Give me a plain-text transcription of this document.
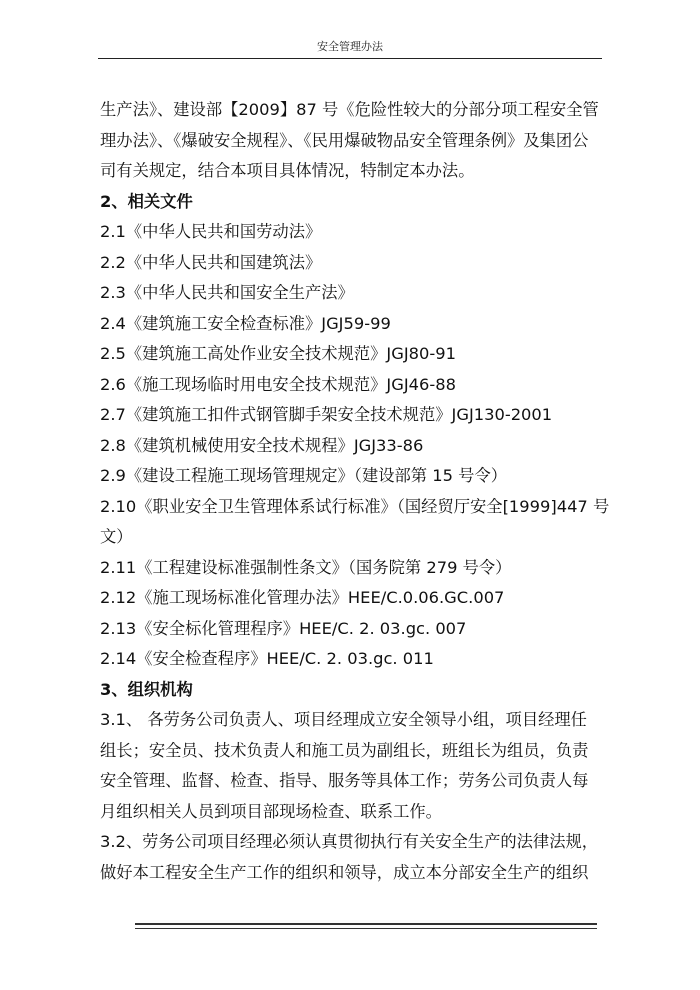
安全管理办法
生产法》、建设部【2009】87 号《危险性较大的分部分项工程安全管
理办法》、《爆破安全规程》、《民用爆破物品安全管理条例》及集团公
司有关规定，结合本项目具体情况，特制定本办法。
2、相关文件
2.1《中华人民共和国劳动法》
2.2《中华人民共和国建筑法》
2.3《中华人民共和国安全生产法》
2.4《建筑施工安全检查标准》JGJ59-99
2.5《建筑施工高处作业安全技术规范》JGJ80-91
2.6《施工现场临时用电安全技术规范》JGJ46-88
2.7《建筑施工扣件式钢管脚手架安全技术规范》JGJ130-2001
2.8《建筑机械使用安全技术规程》JGJ33-86
2.9《建设工程施工现场管理规定》（建设部第 15 号令）
2.10《职业安全卫生管理体系试行标准》（国经贸厅安全[1999]447 号
文）
2.11《工程建设标准强制性条文》（国务院第 279 号令）
2.12《施工现场标准化管理办法》HEE/C.0.06.GC.007
2.13《安全标化管理程序》HEE/C. 2. 03.gc. 007
2.14《安全检查程序》HEE/C. 2. 03.gc. 011
3、组织机构
3.1、 各劳务公司负责人、项目经理成立安全领导小组，项目经理任
组长；安全员、技术负责人和施工员为副组长，班组长为组员，负责
安全管理、监督、检查、指导、服务等具体工作；劳务公司负责人每
月组织相关人员到项目部现场检查、联系工作。
3.2、劳务公司项目经理必须认真贯彻执行有关安全生产的法律法规，
做好本工程安全生产工作的组织和领导，成立本分部安全生产的组织
